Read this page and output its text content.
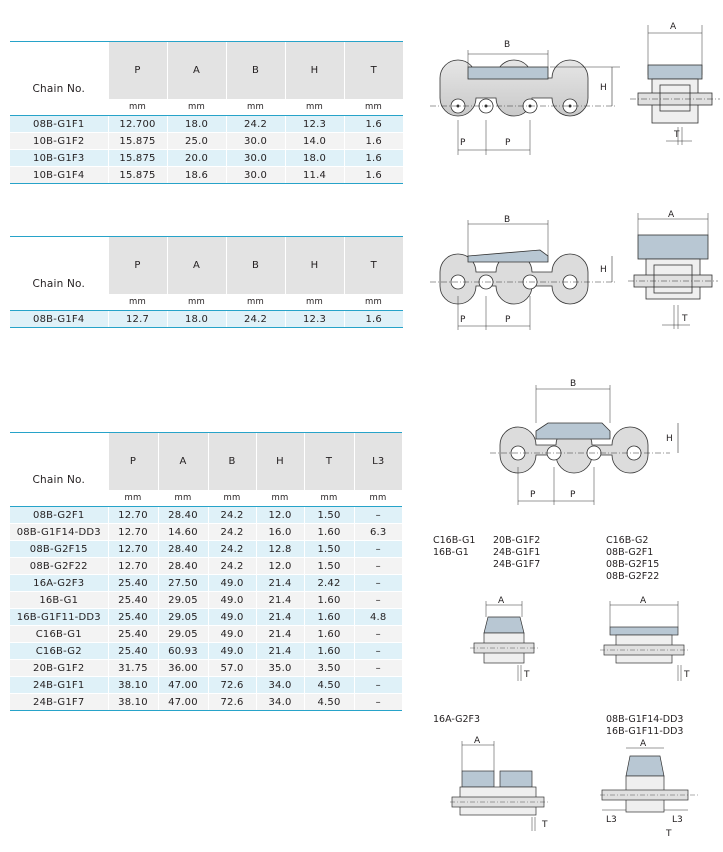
Chain No.	P	A	B	H	T
	mm	mm	mm	mm	mm
08B-G1F1	12.700	18.0	24.2	12.3	1.6
10B-G1F2	15.875	25.0	30.0	14.0	1.6
10B-G1F3	15.875	20.0	30.0	18.0	1.6
10B-G1F4	15.875	18.6	30.0	11.4	1.6
Chain No.	P	A	B	H	T
	mm	mm	mm	mm	mm
08B-G1F4	12.7	18.0	24.2	12.3	1.6
Chain No.	P	A	B	H	T	L3
	mm	mm	mm	mm	mm	mm
08B-G2F1	12.70	28.40	24.2	12.0	1.50	–
08B-G1F14-DD3	12.70	14.60	24.2	16.0	1.60	6.3
08B-G2F15	12.70	28.40	24.2	12.8	1.50	–
08B-G2F22	12.70	28.40	24.2	12.0	1.50	–
16A-G2F3	25.40	27.50	49.0	21.4	2.42	–
16B-G1	25.40	29.05	49.0	21.4	1.60	–
16B-G1F11-DD3	25.40	29.05	49.0	21.4	1.60	4.8
C16B-G1	25.40	29.05	49.0	21.4	1.60	–
C16B-G2	25.40	60.93	49.0	21.4	1.60	–
20B-G1F2	31.75	36.00	57.0	35.0	3.50	–
24B-G1F1	38.10	47.00	72.6	34.0	4.50	–
24B-G1F7	38.10	47.00	72.6	34.0	4.50	–
B
H
P	P
A
T
B
H
P	P
A
T
B
H
P	P
C16B-G1
16B-G1
20B-G1F2
24B-G1F1
24B-G1F7
C16B-G2
08B-G2F1
08B-G2F15
08B-G2F22
16A-G2F3	08B-G1F14-DD3
16B-G1F11-DD3
A
T
A
T
A
T
A
L3	L3
T
